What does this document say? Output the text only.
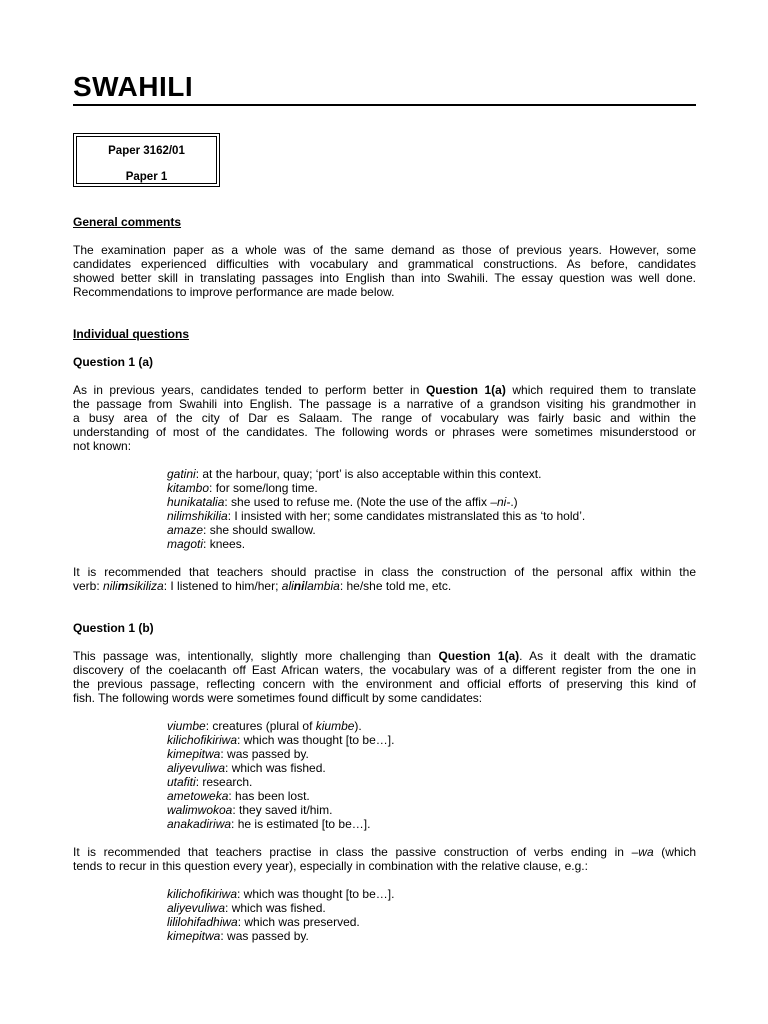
SWAHILI
Paper 3162/01
Paper 1
General comments
The examination paper as a whole was of the same demand as those of previous years. However, some
candidates experienced difficulties with vocabulary and grammatical constructions. As before, candidates
showed better skill in translating passages into English than into Swahili. The essay question was well done.
Recommendations to improve performance are made below.
Individual questions
Question 1 (a)
As in previous years, candidates tended to perform better in Question 1(a) which required them to translate
the passage from Swahili into English. The passage is a narrative of a grandson visiting his grandmother in
a busy area of the city of Dar es Salaam. The range of vocabulary was fairly basic and within the
understanding of most of the candidates. The following words or phrases were sometimes misunderstood or
not known:
gatini: at the harbour, quay; ‘port’ is also acceptable within this context.
kitambo: for some/long time.
hunikatalia: she used to refuse me. (Note the use of the affix –ni-.)
nilimshikilia: I insisted with her; some candidates mistranslated this as ‘to hold’.
amaze: she should swallow.
magoti: knees.
It is recommended that teachers should practise in class the construction of the personal affix within the
verb: nilimsikiliza: I listened to him/her; alinilambia: he/she told me, etc.
Question 1 (b)
This passage was, intentionally, slightly more challenging than Question 1(a). As it dealt with the dramatic
discovery of the coelacanth off East African waters, the vocabulary was of a different register from the one in
the previous passage, reflecting concern with the environment and official efforts of preserving this kind of
fish. The following words were sometimes found difficult by some candidates:
viumbe: creatures (plural of kiumbe).
kilichofikiriwa: which was thought [to be…].
kimepitwa: was passed by.
aliyevuliwa: which was fished.
utafiti: research.
ametoweka: has been lost.
walimwokoa: they saved it/him.
anakadiriwa: he is estimated [to be…].
It is recommended that teachers practise in class the passive construction of verbs ending in –wa (which
tends to recur in this question every year), especially in combination with the relative clause, e.g.:
kilichofikiriwa: which was thought [to be…].
aliyevuliwa: which was fished.
lililohifadhiwa: which was preserved.
kimepitwa: was passed by.
